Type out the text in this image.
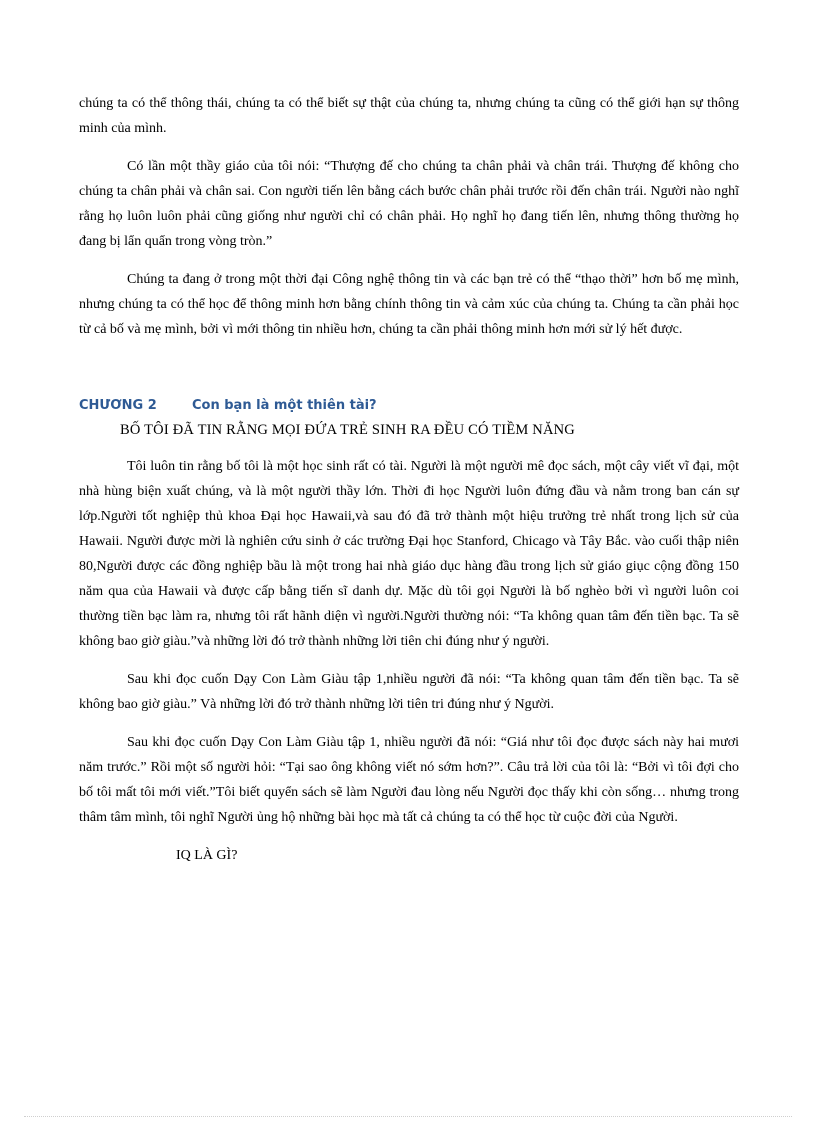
chúng ta có thể thông thái, chúng ta có thể biết sự thật của chúng ta, nhưng chúng ta cũng có thể giới hạn sự thông minh của mình.

Có lần một thầy giáo của tôi nói: “Thượng đế cho chúng ta chân phải và chân trái. Thượng đế không cho chúng ta chân phải và chân sai. Con người tiến lên bằng cách bước chân phải trước rồi đến chân trái. Người nào nghĩ rằng họ luôn luôn phải cũng giống như người chỉ có chân phải. Họ nghĩ họ đang tiến lên, nhưng thông thường họ đang bị lẩn quẩn trong vòng tròn.”

Chúng ta đang ở trong một thời đại Công nghệ thông tin và các bạn trẻ có thể “thạo thời” hơn bố mẹ mình, nhưng chúng ta có thể học để thông minh hơn bằng chính thông tin và cảm xúc của chúng ta. Chúng ta cần phải học từ cả bố và mẹ mình, bởi vì mới thông tin nhiều hơn, chúng ta cần phải thông minh hơn mới sử lý hết được.

CHƯƠNG 2	Con bạn là một thiên tài?
BỐ TÔI ĐÃ TIN RẰNG MỌI ĐỨA TRẺ SINH RA ĐỀU CÓ TIỀM NĂNG

Tôi luôn tin rằng bố tôi là một học sinh rất có tài. Người là một người mê đọc sách, một cây viết vĩ đại, một nhà hùng biện xuất chúng, và là một người thầy lớn. Thời đi học Người luôn đứng đầu và nằm trong ban cán sự lớp.Người tốt nghiệp thủ khoa Đại học Hawaii,và sau đó đã trở thành một hiệu trưởng trẻ nhất trong lịch sử của Hawaii. Người được mời là nghiên cứu sinh ở các trường Đại học Stanford, Chicago và Tây Bắc. vào cuối thập niên 80,Người được các đồng nghiệp bầu là một trong hai nhà giáo dục hàng đầu trong lịch sử giáo giục cộng đồng 150 năm qua của Hawaii và được cấp bằng tiến sĩ danh dự. Mặc dù tôi gọi Người là bố nghèo bởi vì người luôn coi thường tiền bạc làm ra, nhưng tôi rất hãnh diện vì người.Người thường nói: “Ta không quan tâm đến tiền bạc. Ta sẽ không bao giờ giàu.”và những lời đó trở thành những lời tiên chi đúng như ý người.

Sau khi đọc cuốn Dạy Con Làm Giàu tập 1,nhiều người đã nói: “Ta không quan tâm đến tiền bạc. Ta sẽ không bao giờ giàu.” Và những lời đó trở thành những lời tiên tri đúng như ý Người.

Sau khi đọc cuốn Dạy Con Làm Giàu tập 1, nhiều người đã nói: “Giá như tôi đọc được sách này hai mươi năm trước.” Rồi một số người hỏi: “Tại sao ông không viết nó sớm hơn?”. Câu trả lời của tôi là: “Bởi vì tôi đợi cho bố tôi mất tôi mới viết.”Tôi biết quyển sách sẽ làm Người đau lòng nếu Người đọc thấy khi còn sống… nhưng trong thâm tâm mình, tôi nghĩ Người ủng hộ những bài học mà tất cả chúng ta có thể học từ cuộc đời của Người.

IQ LÀ GÌ?
